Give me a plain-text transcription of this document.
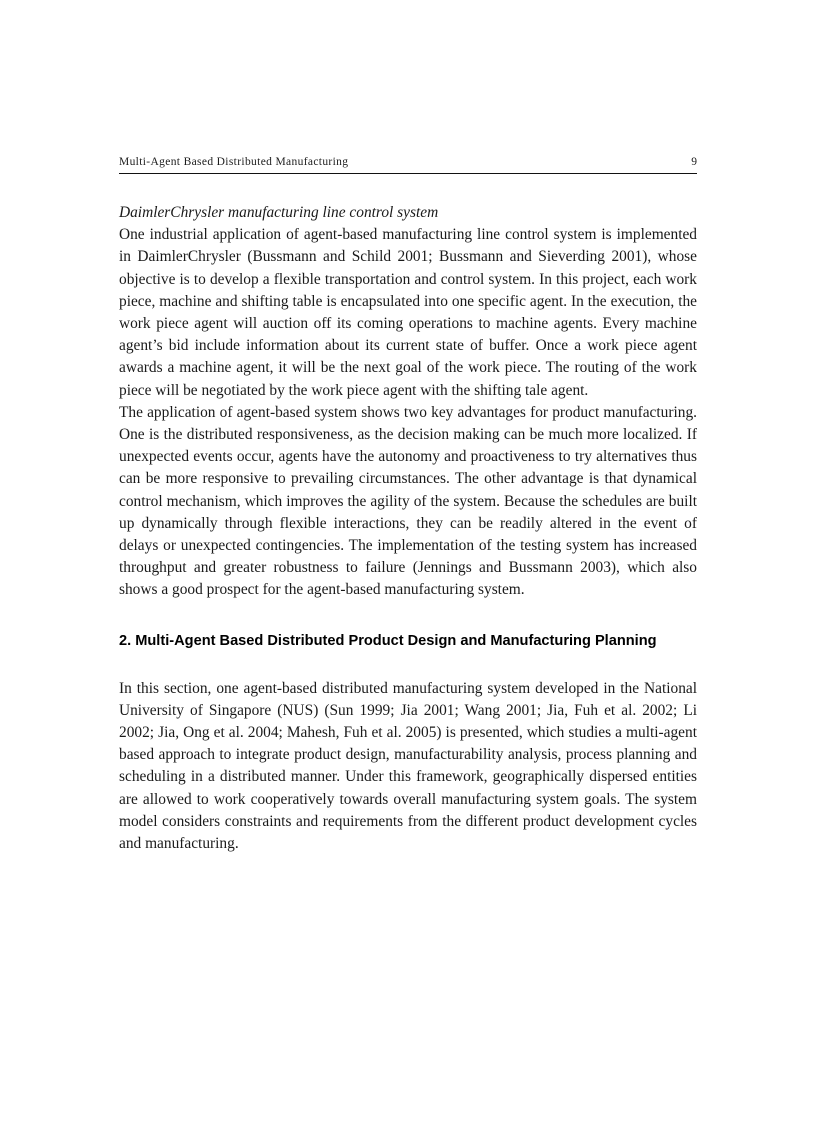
Multi-Agent Based Distributed Manufacturing	9
DaimlerChrysler manufacturing line control system

One industrial application of agent-based manufacturing line control system is implemented in DaimlerChrysler (Bussmann and Schild 2001; Bussmann and Sieverding 2001), whose objective is to develop a flexible transportation and control system. In this project, each work piece, machine and shifting table is encapsulated into one specific agent. In the execution, the work piece agent will auction off its coming operations to machine agents. Every machine agent’s bid include information about its current state of buffer. Once a work piece agent awards a machine agent, it will be the next goal of the work piece. The routing of the work piece will be negotiated by the work piece agent with the shifting tale agent.

The application of agent-based system shows two key advantages for product manufacturing. One is the distributed responsiveness, as the decision making can be much more localized. If unexpected events occur, agents have the autonomy and proactiveness to try alternatives thus can be more responsive to prevailing circumstances. The other advantage is that dynamical control mechanism, which improves the agility of the system. Because the schedules are built up dynamically through flexible interactions, they can be readily altered in the event of delays or unexpected contingencies. The implementation of the testing system has increased throughput and greater robustness to failure (Jennings and Bussmann 2003), which also shows a good prospect for the agent-based manufacturing system.

2. Multi-Agent Based Distributed Product Design and Manufacturing Planning

In this section, one agent-based distributed manufacturing system developed in the National University of Singapore (NUS) (Sun 1999; Jia 2001; Wang 2001; Jia, Fuh et al. 2002; Li 2002; Jia, Ong et al. 2004; Mahesh, Fuh et al. 2005) is presented, which studies a multi-agent based approach to integrate product design, manufacturability analysis, process planning and scheduling in a distributed manner. Under this framework, geographically dispersed entities are allowed to work cooperatively towards overall manufacturing system goals. The system model considers constraints and requirements from the different product development cycles and manufacturing.
